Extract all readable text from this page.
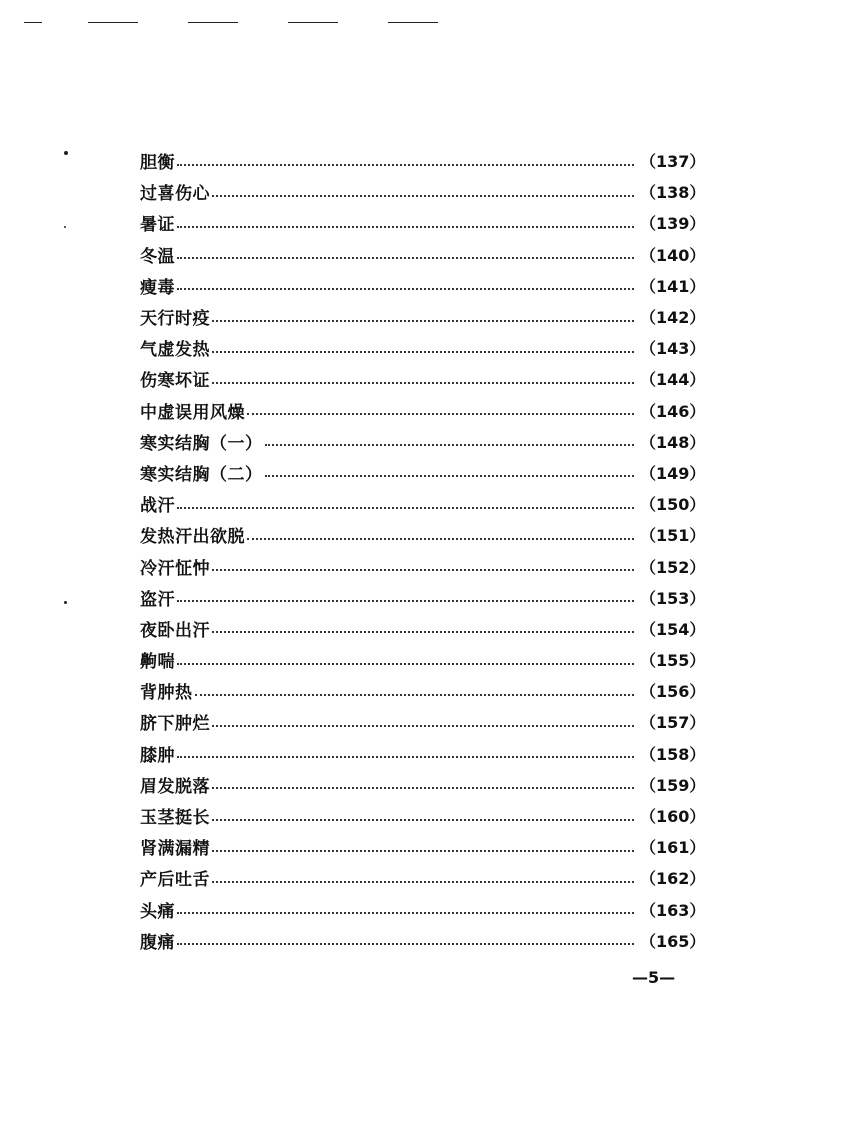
胆衡	（137）
过喜伤心	（138）
暑证	（139）
冬温	（140）
瘦毒	（141）
天行时疫	（142）
气虚发热	（143）
伤寒坏证	（144）
中虚误用风燥	（146）
寒实结胸（一）	（148）
寒实结胸（二）	（149）
战汗	（150）
发热汗出欲脱	（151）
冷汗怔忡	（152）
盗汗	（153）
夜卧出汗	（154）
齁喘	（155）
背肿热	（156）
脐下肿烂	（157）
膝肿	（158）
眉发脱落	（159）
玉茎挺长	（160）
肾满漏精	（161）
产后吐舌	（162）
头痛	（163）
腹痛	（165）
—5—
